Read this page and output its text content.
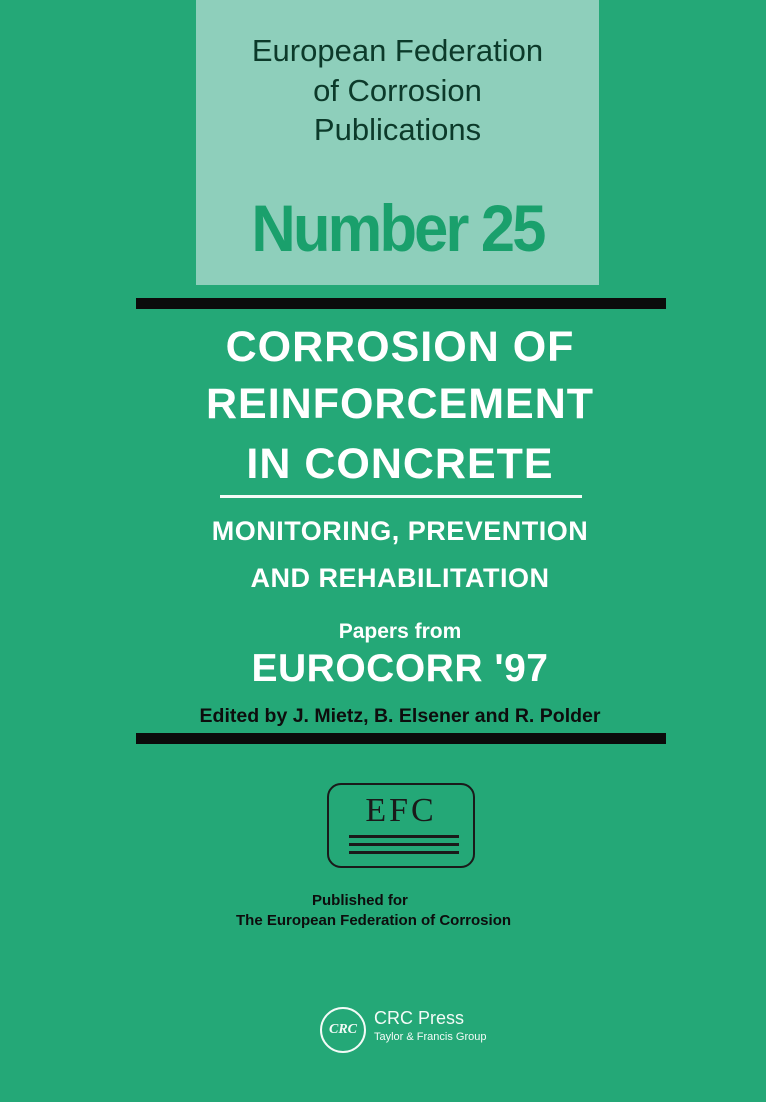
European Federation
of Corrosion
Publications
Number 25
CORROSION OF
REINFORCEMENT
IN CONCRETE
MONITORING, PREVENTION
AND REHABILITATION
Papers from
EUROCORR '97
Edited by J. Mietz, B. Elsener and R. Polder
EFC
Published for
The European Federation of Corrosion
CRC
CRC Press
Taylor & Francis Group
